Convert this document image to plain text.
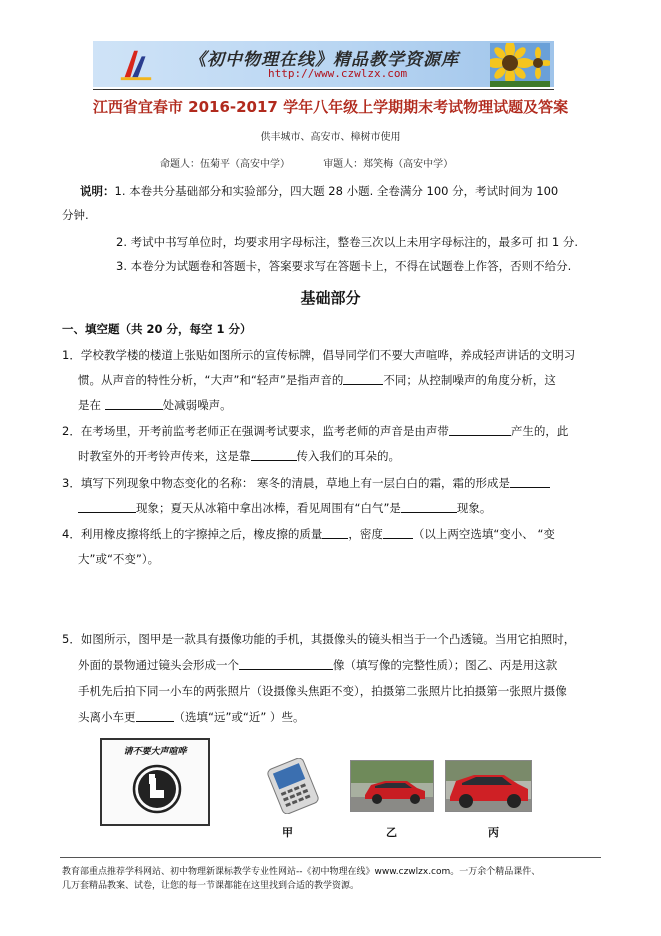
《初中物理在线》精品教学资源库
http://www.czwlzx.com
江西省宜春市 2016-2017 学年八年级上学期期末考试物理试题及答案
供丰城市、高安市、樟树市使用
命题人：伍菊平（高安中学）	审题人：郑笑梅（高安中学）
说明：1. 本卷共分基础部分和实验部分，四大题 28 小题. 全卷满分 100 分，考试时间为 100
分钟.
2. 考试中书写单位时，均要求用字母标注，整卷三次以上未用字母标注的，最多可 扣 1 分.
3. 本卷分为试题卷和答题卡，答案要求写在答题卡上，不得在试题卷上作答，否则不给分.
基础部分
一、填空题（共 20 分，每空 1 分）
1．学校教学楼的楼道上张贴如图所示的宣传标牌，倡导同学们不要大声喧哗，养成轻声讲话的文明习
惯。从声音的特性分析，“大声”和“轻声”是指声音的	不同；从控制噪声的角度分析，这
是在	处减弱噪声。
2．在考场里，开考前监考老师正在强调考试要求，监考老师的声音是由声带	产生的，此
时教室外的开考铃声传来，这是靠	传入我们的耳朵的。
3．填写下列现象中物态变化的名称： 寒冬的清晨，草地上有一层白白的霜，霜的形成是
现象；夏天从冰箱中拿出冰棒，看见周围有“白气”是	现象。
4．利用橡皮擦将纸上的字擦掉之后，橡皮擦的质量 ，密度	（以上两空选填“变小、 “变
大”或“不变”）。
5．如图所示，图甲是一款具有摄像功能的手机，其摄像头的镜头相当于一个凸透镜。当用它拍照时，
外面的景物通过镜头会形成一个	像（填写像的完整性质）；图乙、丙是用这款
手机先后拍下同一小车的两张照片（设摄像头焦距不变），拍摄第二张照片比拍摄第一张照片摄像
头离小车更	（选填“远”或“近” ）些。
请不要大声喧哗
甲	乙	丙
教育部重点推荐学科网站、初中物理新课标教学专业性网站--《初中物理在线》www.czwlzx.com。一万余个精品课件、
几万套精品教案、试卷，让您的每一节课都能在这里找到合适的教学资源。
